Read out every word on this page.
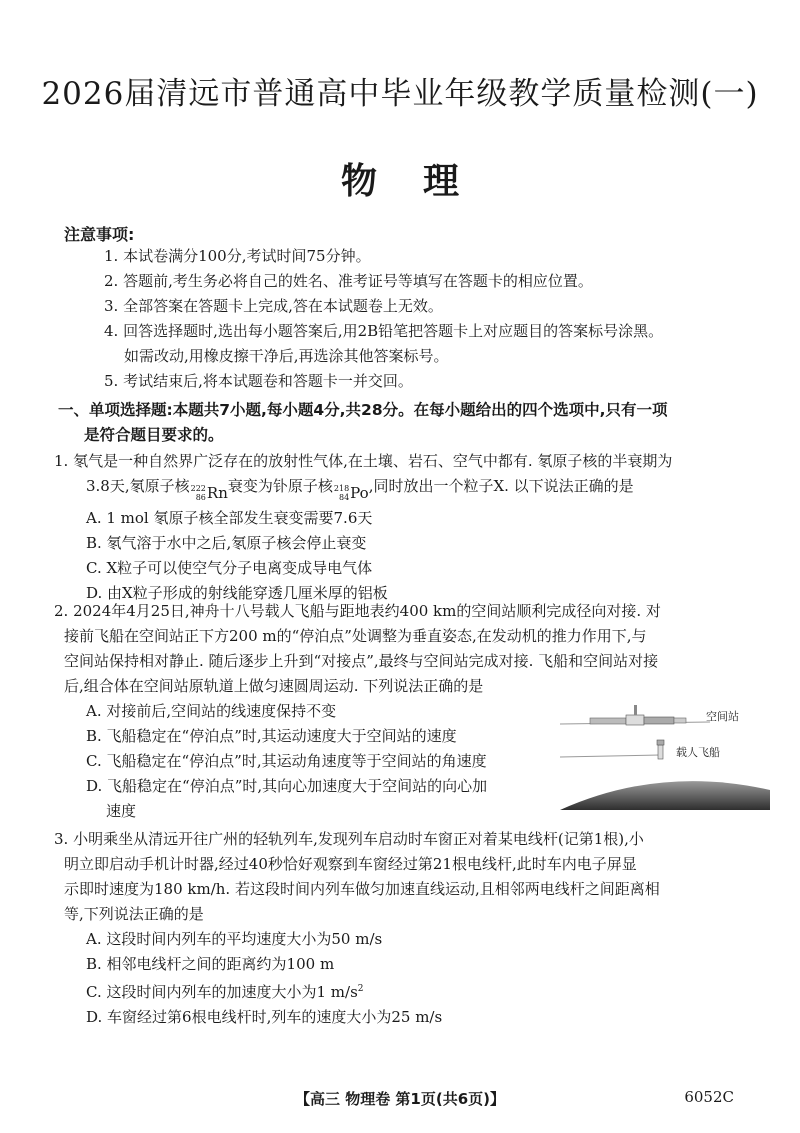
2026届清远市普通高中毕业年级教学质量检测(一)
物理
注意事项:
1. 本试卷满分100分,考试时间75分钟。
2. 答题前,考生务必将自己的姓名、准考证号等填写在答题卡的相应位置。
3. 全部答案在答题卡上完成,答在本试题卷上无效。
4. 回答选择题时,选出每小题答案后,用2B铅笔把答题卡上对应题目的答案标号涂黑。
如需改动,用橡皮擦干净后,再选涂其他答案标号。
5. 考试结束后,将本试题卷和答题卡一并交回。
一、单项选择题:本题共7小题,每小题4分,共28分。在每小题给出的四个选项中,只有一项
是符合题目要求的。
1. 氡气是一种自然界广泛存在的放射性气体,在土壤、岩石、空气中都有. 氡原子核的半衰期为
3.8天,氡原子核 222
86 Rn 衰变为钋原子核 218
84 Po ,同时放出一个粒子X. 以下说法正确的是
A. 1 mol 氡原子核全部发生衰变需要7.6天
B. 氡气溶于水中之后,氡原子核会停止衰变
C. X粒子可以使空气分子电离变成导电气体
D. 由X粒子形成的射线能穿透几厘米厚的铝板
2. 2024年4月25日,神舟十八号载人飞船与距地表约400 km的空间站顺利完成径向对接. 对
接前飞船在空间站正下方200 m的“停泊点”处调整为垂直姿态,在发动机的推力作用下,与
空间站保持相对静止. 随后逐步上升到“对接点”,最终与空间站完成对接. 飞船和空间站对接
后,组合体在空间站原轨道上做匀速圆周运动. 下列说法正确的是
A. 对接前后,空间站的线速度保持不变
B. 飞船稳定在“停泊点”时,其运动速度大于空间站的速度
C. 飞船稳定在“停泊点”时,其运动角速度等于空间站的角速度
D. 飞船稳定在“停泊点”时,其向心加速度大于空间站的向心加
速度
空间站
载人飞船
3. 小明乘坐从清远开往广州的轻轨列车,发现列车启动时车窗正对着某电线杆(记第1根),小
明立即启动手机计时器,经过40秒恰好观察到车窗经过第21根电线杆,此时车内电子屏显
示即时速度为180 km/h. 若这段时间内列车做匀加速直线运动,且相邻两电线杆之间距离相
等,下列说法正确的是
A. 这段时间内列车的平均速度大小为50 m/s
B. 相邻电线杆之间的距离约为100 m
C. 这段时间内列车的加速度大小为1 $m/s^2$
D. 车窗经过第6根电线杆时,列车的速度大小为25 m/s
【高三 物理卷 第1页(共6页)】	6052C
